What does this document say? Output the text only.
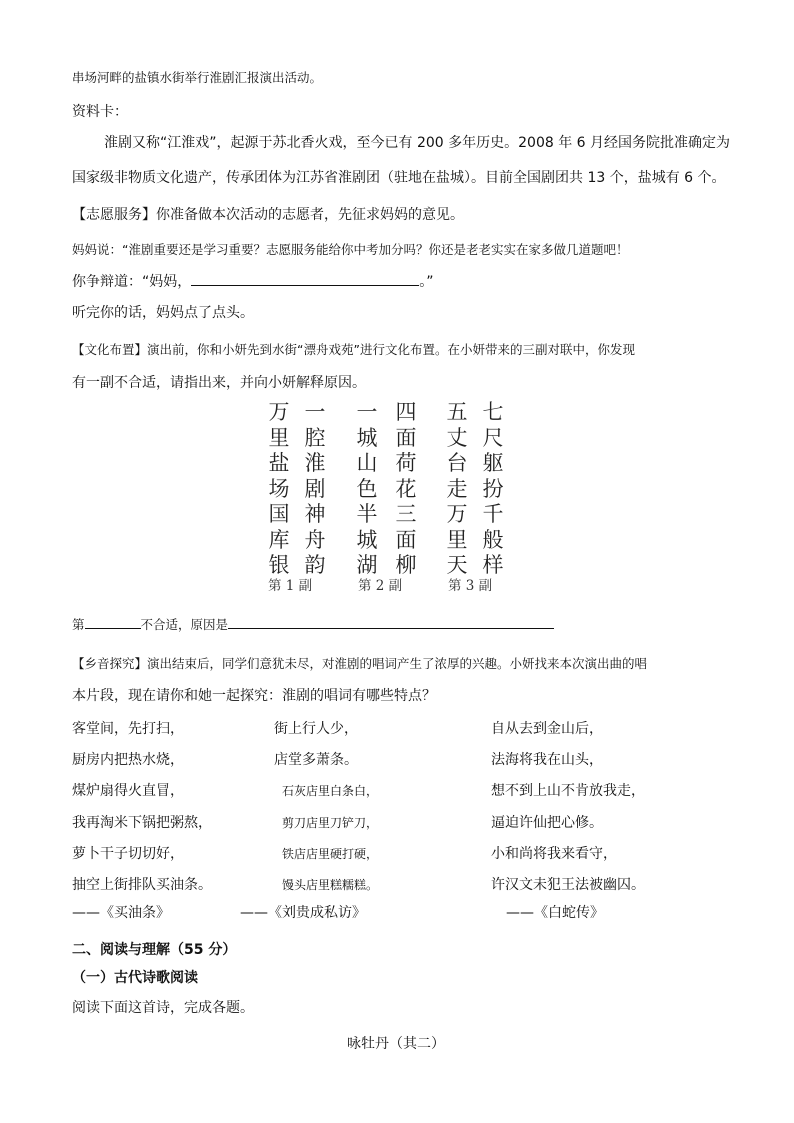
串场河畔的盐镇水街举行淮剧汇报演出活动。
资料卡：
淮剧又称“江淮戏”，起源于苏北香火戏，至今已有 200 多年历史。2008 年 6 月经国务院批准确定为
国家级非物质文化遗产，传承团体为江苏省淮剧团（驻地在盐城）。目前全国剧团共 13 个，盐城有 6 个。
【志愿服务】你准备做本次活动的志愿者，先征求妈妈的意见。
妈妈说：“淮剧重要还是学习重要？志愿服务能给你中考加分吗？你还是老老实实在家多做几道题吧！
你争辩道：“妈妈，	。”
听完你的话，妈妈点了点头。
【文化布置】演出前，你和小妍先到水街“漂舟戏苑”进行文化布置。在小妍带来的三副对联中，你发现
有一副不合适，请指出来，并向小妍解释原因。
一腔淮剧神舟韵
万里盐场国库银
第 1 副
四面荷花三面柳
一城山色半城湖
第 2 副
七尺躯扮千般样
五丈台走万里天
第 3 副
第	不合适，原因是
【乡音探究】演出结束后，同学们意犹未尽，对淮剧的唱词产生了浓厚的兴趣。小妍找来本次演出曲的唱
本片段，现在请你和她一起探究：淮剧的唱词有哪些特点？
客堂间，先打扫，
厨房内把热水烧，
煤炉扇得火直冒，
我再淘米下锅把粥熬，
萝卜干子切切好，
抽空上街排队买油条。
——《买油条》
街上行人少，
店堂多萧条。
石灰店里白条白，
剪刀店里刀铲刀，
铁店店里硬打硬，
馒头店里糕糯糕。
——《刘贵成私访》
自从去到金山后，
法海将我在山头，
想不到上山不肯放我走，
逼迫许仙把心修。
小和尚将我来看守，
许汉文未犯王法被幽囚。
——《白蛇传》
二、阅读与理解（55 分）
（一）古代诗歌阅读
阅读下面这首诗，完成各题。
咏牡丹（其二）
